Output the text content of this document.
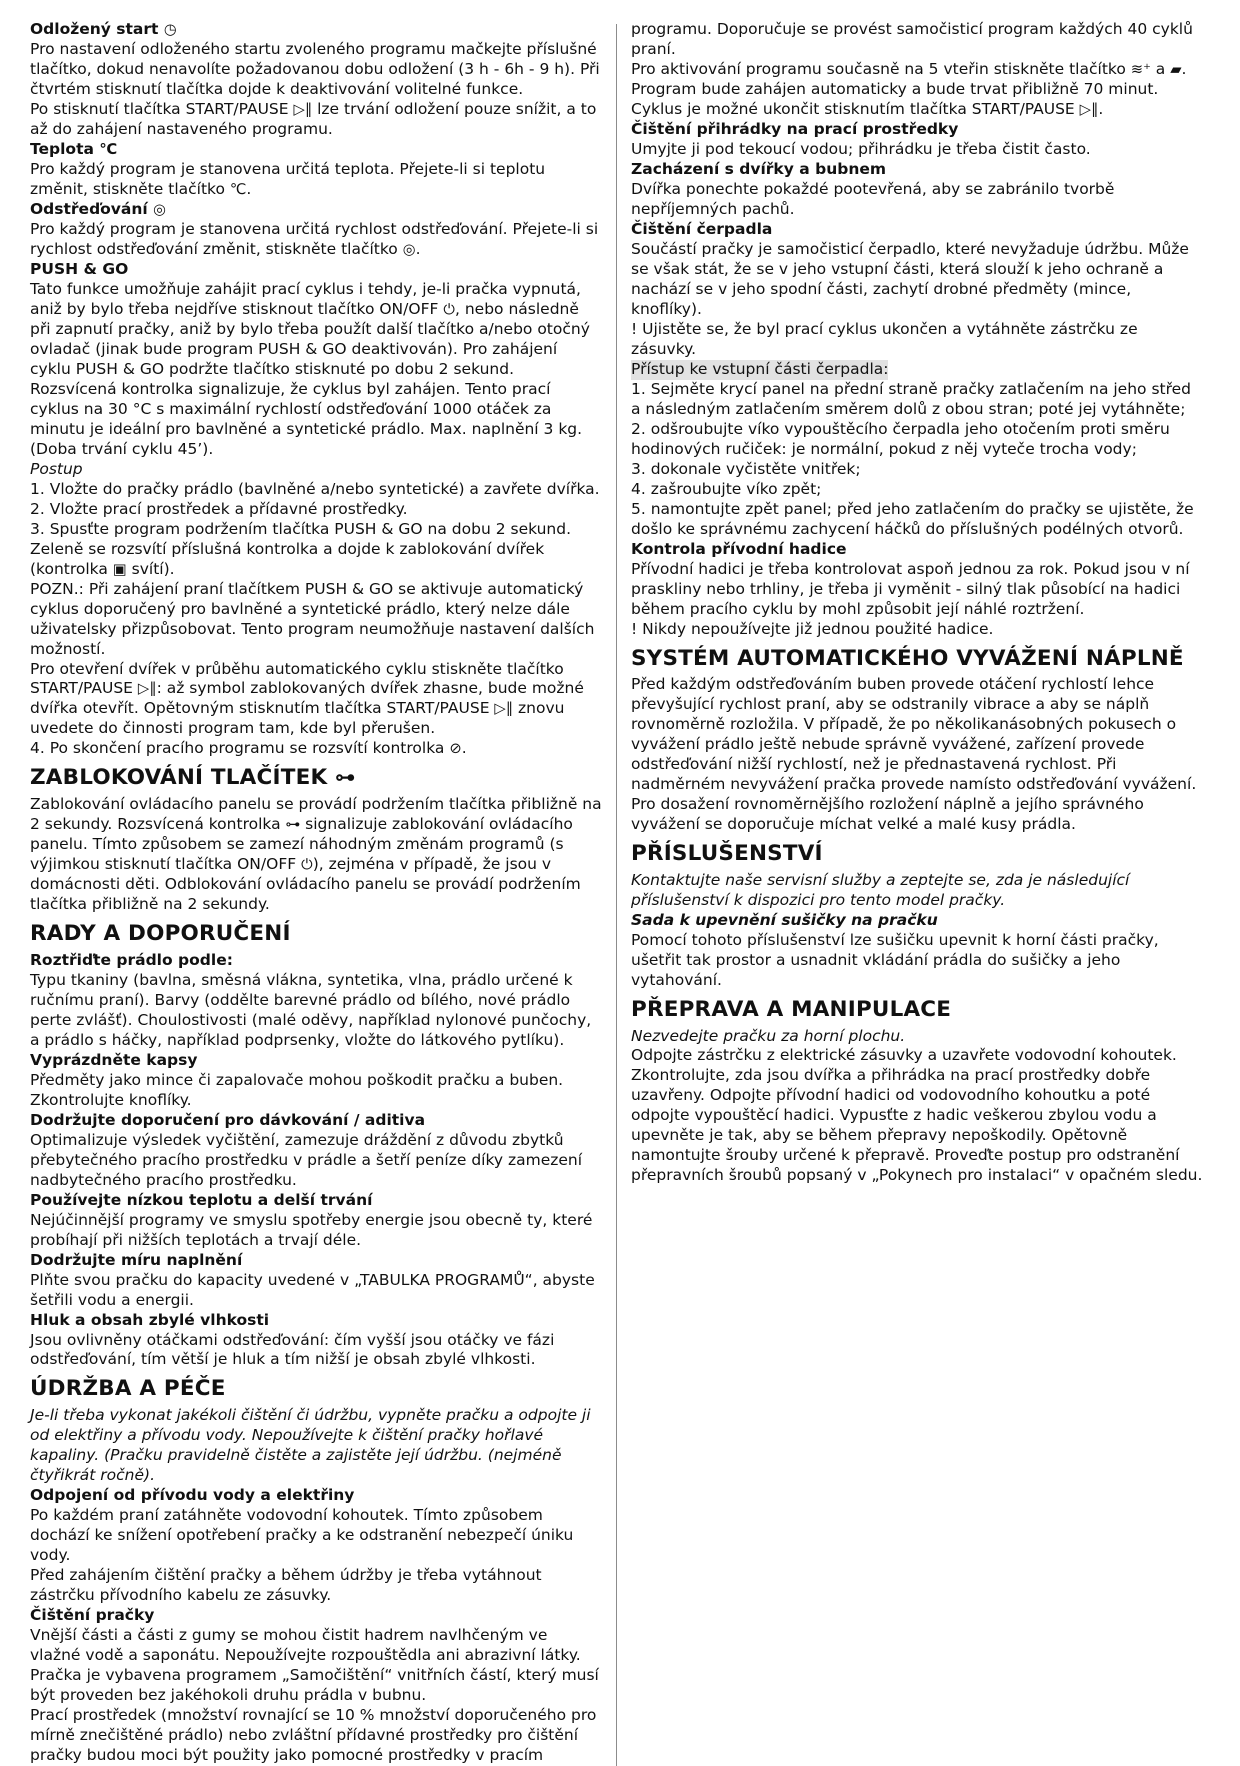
Odložený start ◷
Pro nastavení odloženého startu zvoleného programu mačkejte příslušné tlačítko, dokud nenavolíte požadovanou dobu odložení (3 h - 6h - 9 h). Při čtvrtém stisknutí tlačítka dojde k deaktivování volitelné funkce.
Po stisknutí tlačítka START/PAUSE ▷∥ lze trvání odložení pouze snížit, a to až do zahájení nastaveného programu.
Teplota ℃
Pro každý program je stanovena určitá teplota. Přejete-li si teplotu změnit, stiskněte tlačítko ℃.
Odstřeďování ◎
Pro každý program je stanovena určitá rychlost odstřeďování. Přejete-li si rychlost odstřeďování změnit, stiskněte tlačítko ◎.
PUSH & GO
Tato funkce umožňuje zahájit prací cyklus i tehdy, je-li pračka vypnutá, aniž by bylo třeba nejdříve stisknout tlačítko ON/OFF ⏻, nebo následně při zapnutí pračky, aniž by bylo třeba použít další tlačítko a/nebo otočný ovladač (jinak bude program PUSH & GO deaktivován). Pro zahájení cyklu PUSH & GO podržte tlačítko stisknuté po dobu 2 sekund. Rozsvícená kontrolka signalizuje, že cyklus byl zahájen. Tento prací cyklus na 30 °C s maximální rychlostí odstřeďování 1000 otáček za minutu je ideální pro bavlněné a syntetické prádlo. Max. naplnění 3 kg. (Doba trvání cyklu 45’).
Postup
1. Vložte do pračky prádlo (bavlněné a/nebo syntetické) a zavřete dvířka.
2. Vložte prací prostředek a přídavné prostředky.
3. Spusťte program podržením tlačítka PUSH & GO na dobu 2 sekund.
Zeleně se rozsvítí příslušná kontrolka a dojde k zablokování dvířek (kontrolka ▣ svítí).
POZN.: Při zahájení praní tlačítkem PUSH & GO se aktivuje automatický cyklus doporučený pro bavlněné a syntetické prádlo, který nelze dále uživatelsky přizpůsobovat. Tento program neumožňuje nastavení dalších možností.
Pro otevření dvířek v průběhu automatického cyklu stiskněte tlačítko START/PAUSE ▷∥: až symbol zablokovaných dvířek zhasne, bude možné dvířka otevřít. Opětovným stisknutím tlačítka START/PAUSE ▷∥ znovu uvedete do činnosti program tam, kde byl přerušen.
4. Po skončení pracího programu se rozsvítí kontrolka ⊘.
ZABLOKOVÁNÍ TLAČÍTEK ⊶
Zablokování ovládacího panelu se provádí podržením tlačítka přibližně na 2 sekundy. Rozsvícená kontrolka ⊶ signalizuje zablokování ovládacího panelu. Tímto způsobem se zamezí náhodným změnám programů (s výjimkou stisknutí tlačítka ON/OFF ⏻), zejména v případě, že jsou v domácnosti děti. Odblokování ovládacího panelu se provádí podržením tlačítka přibližně na 2 sekundy.
RADY A DOPORUČENÍ
Roztřiďte prádlo podle:
Typu tkaniny (bavlna, směsná vlákna, syntetika, vlna, prádlo určené k ručnímu praní). Barvy (oddělte barevné prádlo od bílého, nové prádlo perte zvlášť). Choulostivosti (malé oděvy, například nylonové punčochy, a prádlo s háčky, například podprsenky, vložte do látkového pytlíku).
Vyprázdněte kapsy
Předměty jako mince či zapalovače mohou poškodit pračku a buben. Zkontrolujte knoflíky.
Dodržujte doporučení pro dávkování / aditiva
Optimalizuje výsledek vyčištění, zamezuje dráždění z důvodu zbytků přebytečného pracího prostředku v prádle a šetří peníze díky zamezení nadbytečného pracího prostředku.
Používejte nízkou teplotu a delší trvání
Nejúčinnější programy ve smyslu spotřeby energie jsou obecně ty, které probíhají při nižších teplotách a trvají déle.
Dodržujte míru naplnění
Plňte svou pračku do kapacity uvedené v „TABULKA PROGRAMŮ“, abyste šetřili vodu a energii.
Hluk a obsah zbylé vlhkosti
Jsou ovlivněny otáčkami odstřeďování: čím vyšší jsou otáčky ve fázi odstřeďování, tím větší je hluk a tím nižší je obsah zbylé vlhkosti.
ÚDRŽBA A PÉČE
Je-li třeba vykonat jakékoli čištění či údržbu, vypněte pračku a odpojte ji od elektřiny a přívodu vody. Nepoužívejte k čištění pračky hořlavé kapaliny. (Pračku pravidelně čistěte a zajistěte její údržbu. (nejméně čtyřikrát ročně).
Odpojení od přívodu vody a elektřiny
Po každém praní zatáhněte vodovodní kohoutek. Tímto způsobem dochází ke snížení opotřebení pračky a ke odstranění nebezpečí úniku vody.
Před zahájením čištění pračky a během údržby je třeba vytáhnout zástrčku přívodního kabelu ze zásuvky.
Čištění pračky
Vnější části a části z gumy se mohou čistit hadrem navlhčeným ve vlažné vodě a saponátu. Nepoužívejte rozpouštědla ani abrazivní látky.
Pračka je vybavena programem „Samočištění“ vnitřních částí, který musí být proveden bez jakéhokoli druhu prádla v bubnu.
Prací prostředek (množství rovnající se 10 % množství doporučeného pro mírně znečištěné prádlo) nebo zvláštní přídavné prostředky pro čištění pračky budou moci být použity jako pomocné prostředky v pracím
programu. Doporučuje se provést samočisticí program každých 40 cyklů praní.
Pro aktivování programu současně na 5 vteřin stiskněte tlačítko ≋⁺ a ▰.
Program bude zahájen automaticky a bude trvat přibližně 70 minut.
Cyklus je možné ukončit stisknutím tlačítka START/PAUSE ▷∥.
Čištění přihrádky na prací prostředky
Umyjte ji pod tekoucí vodou; přihrádku je třeba čistit často.
Zacházení s dvířky a bubnem
Dvířka ponechte pokaždé pootevřená, aby se zabránilo tvorbě nepříjemných pachů.
Čištění čerpadla
Součástí pračky je samočisticí čerpadlo, které nevyžaduje údržbu. Může se však stát, že se v jeho vstupní části, která slouží k jeho ochraně a nachází se v jeho spodní části, zachytí drobné předměty (mince, knoflíky).
! Ujistěte se, že byl prací cyklus ukončen a vytáhněte zástrčku ze zásuvky.
Přístup ke vstupní části čerpadla:
1. Sejměte krycí panel na přední straně pračky zatlačením na jeho střed a následným zatlačením směrem dolů z obou stran; poté jej vytáhněte;
2. odšroubujte víko vypouštěcího čerpadla jeho otočením proti směru hodinových ručiček: je normální, pokud z něj vyteče trocha vody;
3. dokonale vyčistěte vnitřek;
4. zašroubujte víko zpět;
5. namontujte zpět panel; před jeho zatlačením do pračky se ujistěte, že došlo ke správnému zachycení háčků do příslušných podélných otvorů.
Kontrola přívodní hadice
Přívodní hadici je třeba kontrolovat aspoň jednou za rok. Pokud jsou v ní praskliny nebo trhliny, je třeba ji vyměnit - silný tlak působící na hadici během pracího cyklu by mohl způsobit její náhlé roztržení.
! Nikdy nepoužívejte již jednou použité hadice.
SYSTÉM AUTOMATICKÉHO VYVÁŽENÍ NÁPLNĚ
Před každým odstřeďováním buben provede otáčení rychlostí lehce převyšující rychlost praní, aby se odstranily vibrace a aby se náplň rovnoměrně rozložila. V případě, že po několikanásobných pokusech o vyvážení prádlo ještě nebude správně vyvážené, zařízení provede odstřeďování nižší rychlostí, než je přednastavená rychlost. Při nadměrném nevyvážení pračka provede namísto odstřeďování vyvážení. Pro dosažení rovnoměrnějšího rozložení náplně a jejího správného vyvážení se doporučuje míchat velké a malé kusy prádla.
PŘÍSLUŠENSTVÍ
Kontaktujte naše servisní služby a zeptejte se, zda je následující příslušenství k dispozici pro tento model pračky.
Sada k upevnění sušičky na pračku
Pomocí tohoto příslušenství lze sušičku upevnit k horní části pračky, ušetřit tak prostor a usnadnit vkládání prádla do sušičky a jeho vytahování.
PŘEPRAVA A MANIPULACE
Nezvedejte pračku za horní plochu.
Odpojte zástrčku z elektrické zásuvky a uzavřete vodovodní kohoutek. Zkontrolujte, zda jsou dvířka a přihrádka na prací prostředky dobře uzavřeny. Odpojte přívodní hadici od vodovodního kohoutku a poté odpojte vypouštěcí hadici. Vypusťte z hadic veškerou zbylou vodu a upevněte je tak, aby se během přepravy nepoškodily. Opětovně namontujte šrouby určené k přepravě. Proveďte postup pro odstranění přepravních šroubů popsaný v „Pokynech pro instalaci“ v opačném sledu.
